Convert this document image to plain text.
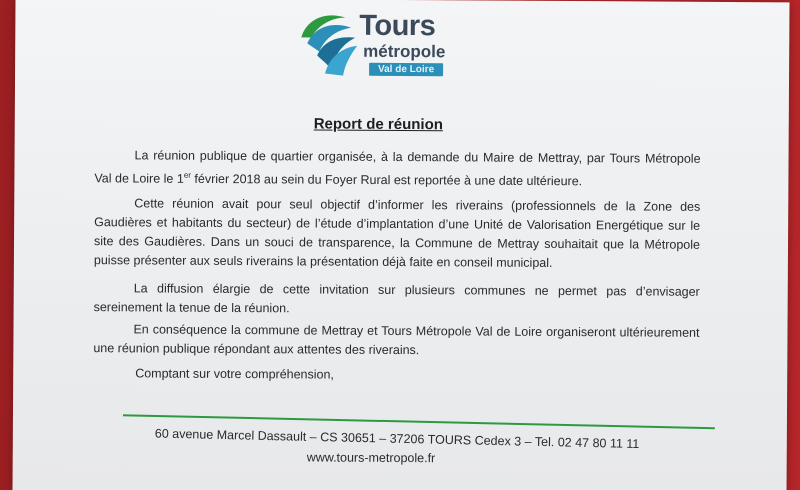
Tours
métropole
Val de Loire
Report de réunion
La réunion publique de quartier organisée, à la demande du Maire de Mettray, par Tours Métropole Val de Loire le 1er février 2018 au sein du Foyer Rural est reportée à une date ultérieure.
Cette réunion avait pour seul objectif d’informer les riverains (professionnels de la Zone des Gaudières et habitants du secteur) de l’étude d’implantation d’une Unité de Valorisation Energétique sur le site des Gaudières. Dans un souci de transparence, la Commune de Mettray souhaitait que la Métropole puisse présenter aux seuls riverains la présentation déjà faite en conseil municipal.
La diffusion élargie de cette invitation sur plusieurs communes ne permet pas d’envisager sereinement la tenue de la réunion.
En conséquence la commune de Mettray et Tours Métropole Val de Loire organiseront ultérieurement une réunion publique répondant aux attentes des riverains.
Comptant sur votre compréhension,
60 avenue Marcel Dassault – CS 30651 – 37206 TOURS Cedex 3 – Tel. 02 47 80 11 11
www.tours-metropole.fr
